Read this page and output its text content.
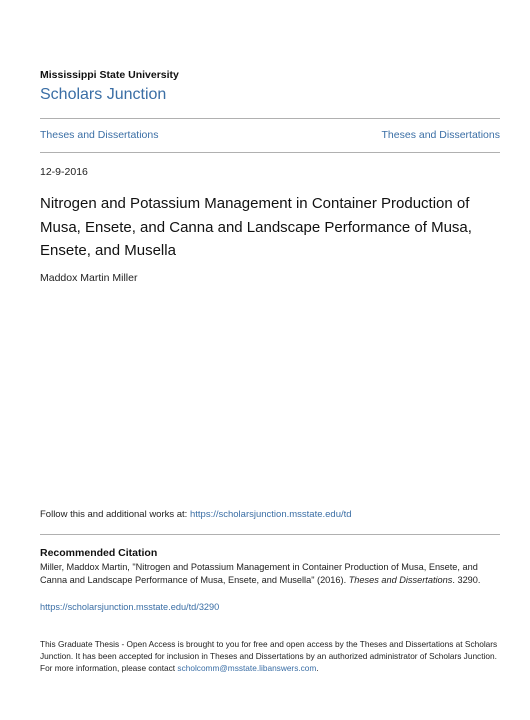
Mississippi State University
Scholars Junction
Theses and Dissertations	Theses and Dissertations
12-9-2016
Nitrogen and Potassium Management in Container Production of Musa, Ensete, and Canna and Landscape Performance of Musa, Ensete, and Musella
Maddox Martin Miller
Follow this and additional works at: https://scholarsjunction.msstate.edu/td
Recommended Citation
Miller, Maddox Martin, "Nitrogen and Potassium Management in Container Production of Musa, Ensete, and Canna and Landscape Performance of Musa, Ensete, and Musella" (2016). Theses and Dissertations. 3290.
https://scholarsjunction.msstate.edu/td/3290
This Graduate Thesis - Open Access is brought to you for free and open access by the Theses and Dissertations at Scholars Junction. It has been accepted for inclusion in Theses and Dissertations by an authorized administrator of Scholars Junction. For more information, please contact scholcomm@msstate.libanswers.com.
